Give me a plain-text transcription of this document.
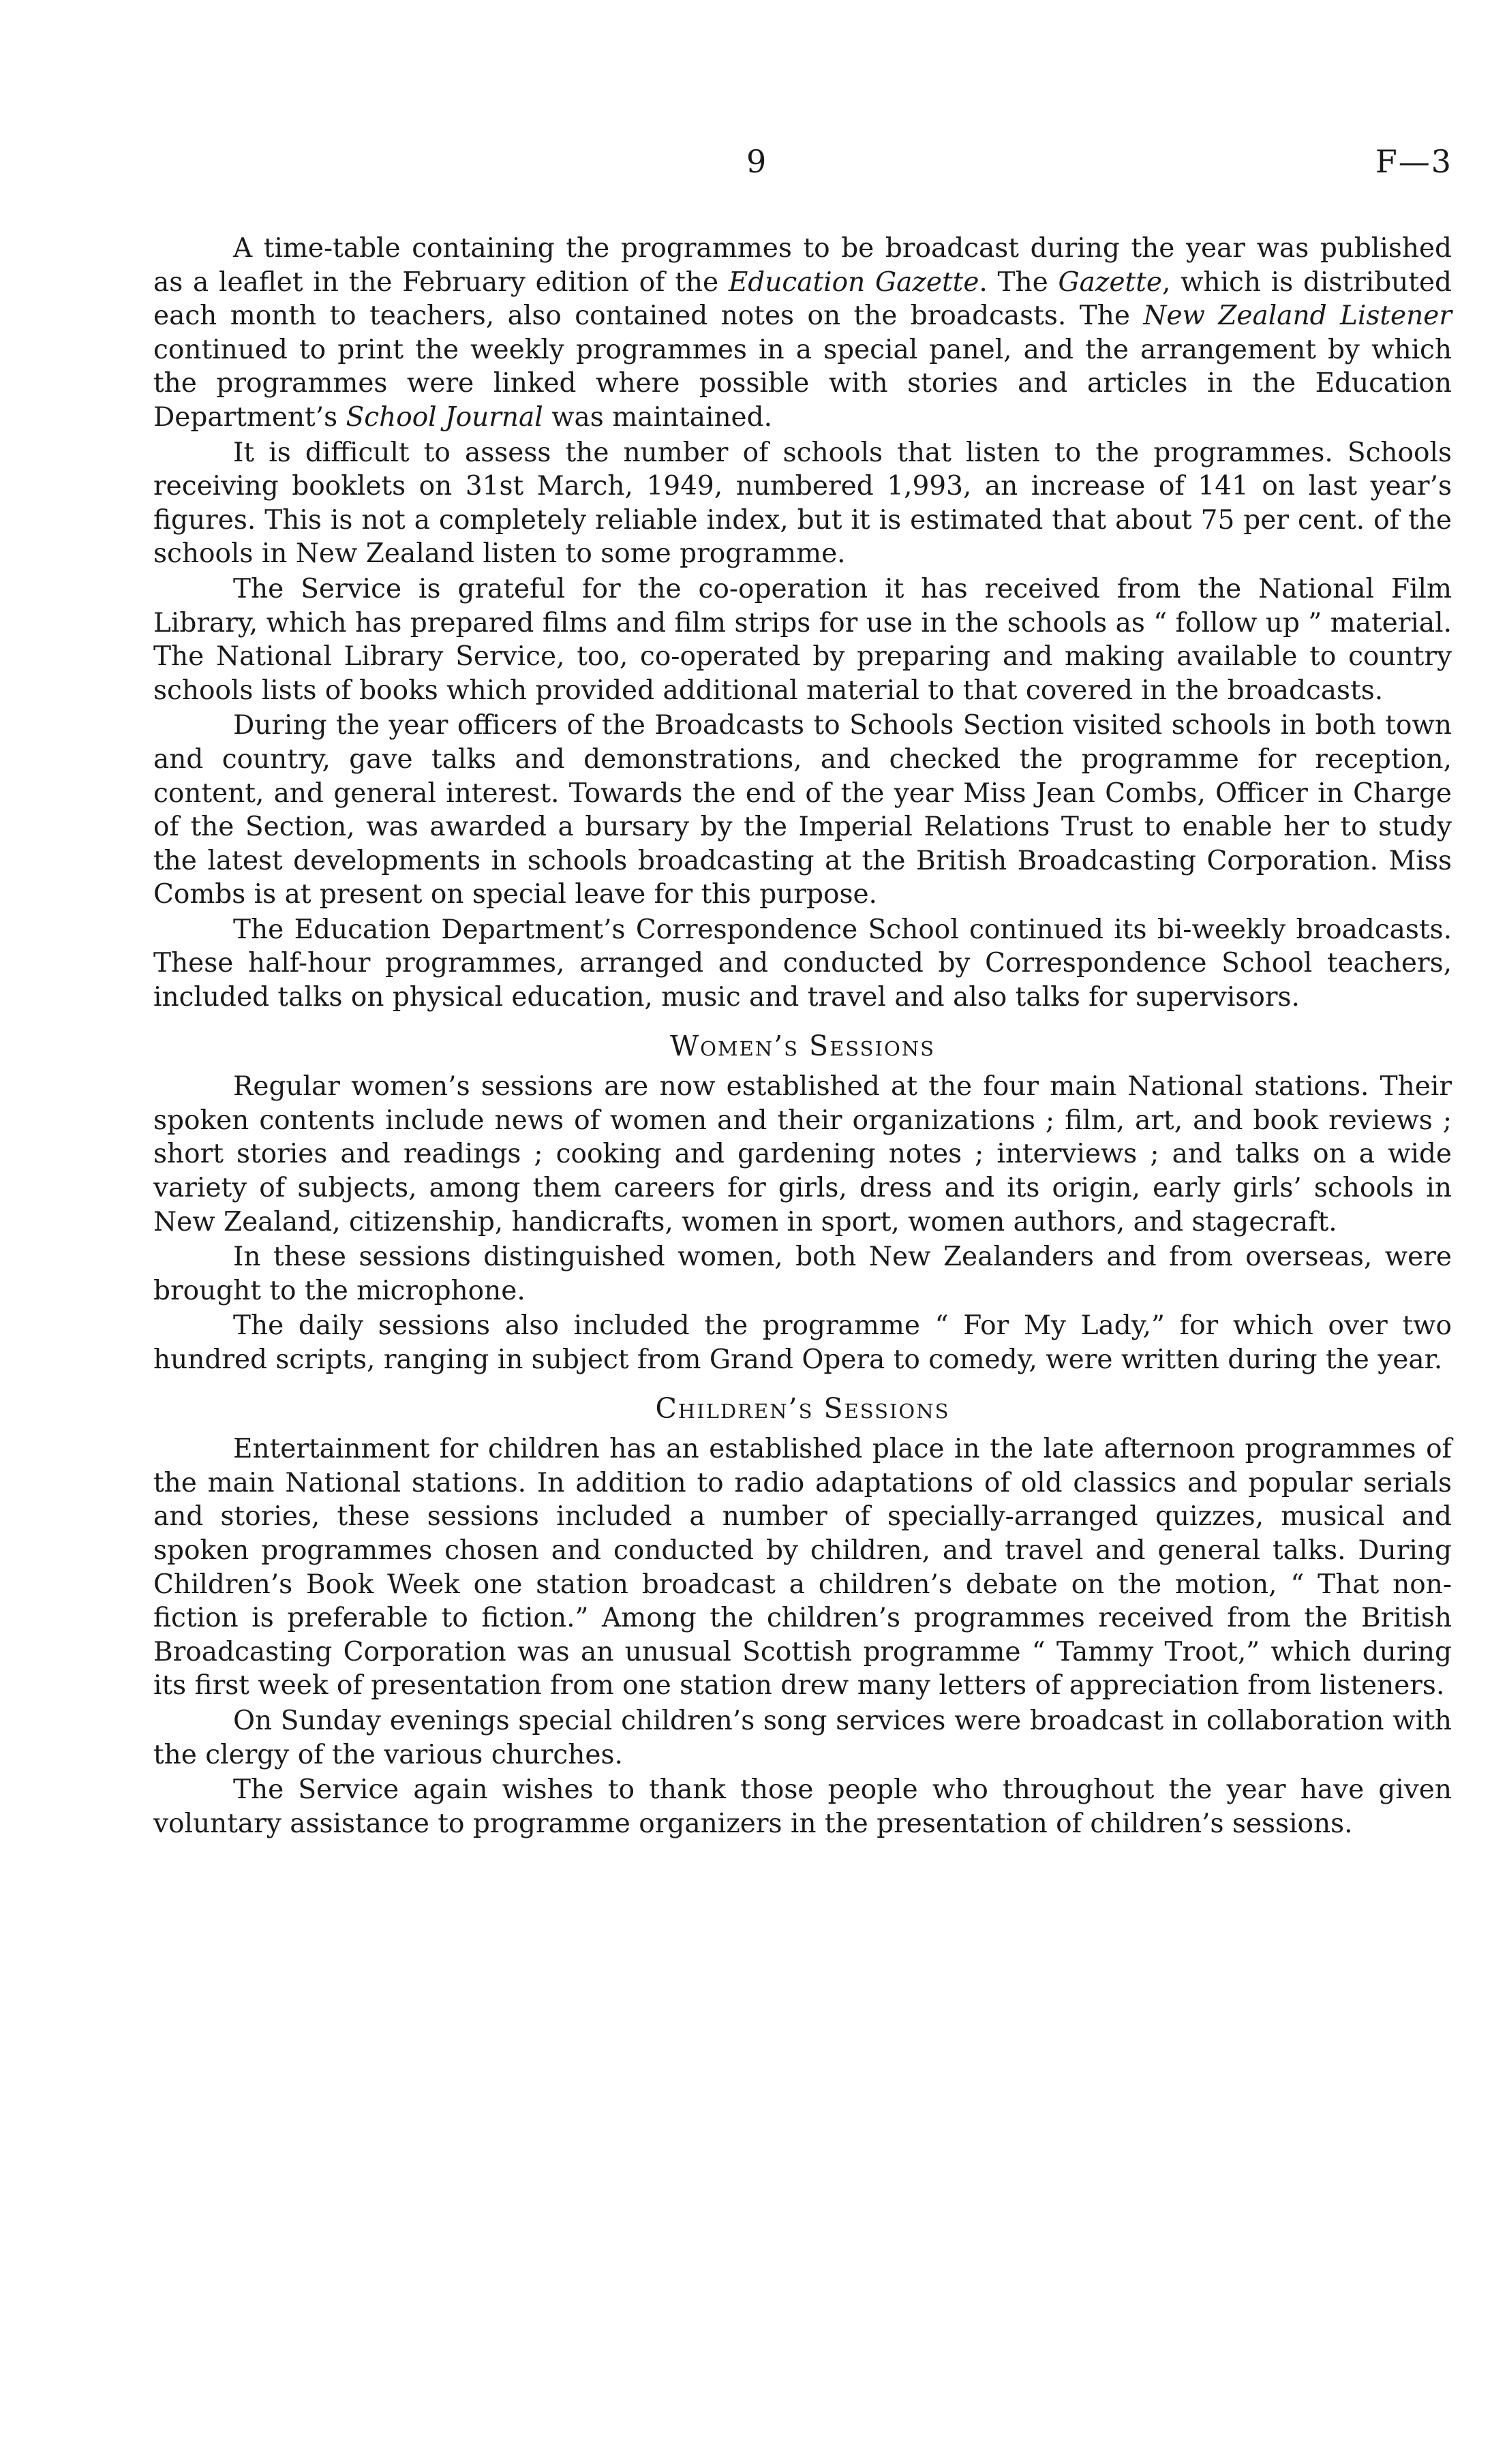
9	F—3

A time-table containing the programmes to be broadcast during the year was published as a leaflet in the February edition of the Education Gazette. The Gazette, which is distributed each month to teachers, also contained notes on the broadcasts. The New Zealand Listener continued to print the weekly programmes in a special panel, and the arrangement by which the programmes were linked where possible with stories and articles in the Education Department’s School Journal was maintained.

It is difficult to assess the number of schools that listen to the programmes. Schools receiving booklets on 31st March, 1949, numbered 1,993, an increase of 141 on last year’s figures. This is not a completely reliable index, but it is estimated that about 75 per cent. of the schools in New Zealand listen to some programme.

The Service is grateful for the co-operation it has received from the National Film Library, which has prepared films and film strips for use in the schools as “ follow up ” material. The National Library Service, too, co-operated by preparing and making available to country schools lists of books which provided additional material to that covered in the broadcasts.

During the year officers of the Broadcasts to Schools Section visited schools in both town and country, gave talks and demonstrations, and checked the programme for reception, content, and general interest. Towards the end of the year Miss Jean Combs, Officer in Charge of the Section, was awarded a bursary by the Imperial Relations Trust to enable her to study the latest developments in schools broadcasting at the British Broadcasting Corporation. Miss Combs is at present on special leave for this purpose.

The Education Department’s Correspondence School continued its bi-weekly broadcasts. These half-hour programmes, arranged and conducted by Correspondence School teachers, included talks on physical education, music and travel and also talks for supervisors.

Women’s Sessions

Regular women’s sessions are now established at the four main National stations. Their spoken contents include news of women and their organizations ; film, art, and book reviews ; short stories and readings ; cooking and gardening notes ; interviews ; and talks on a wide variety of subjects, among them careers for girls, dress and its origin, early girls’ schools in New Zealand, citizenship, handicrafts, women in sport, women authors, and stagecraft.

In these sessions distinguished women, both New Zealanders and from overseas, were brought to the microphone.

The daily sessions also included the programme “ For My Lady,” for which over two hundred scripts, ranging in subject from Grand Opera to comedy, were written during the year.

Children’s Sessions

Entertainment for children has an established place in the late afternoon programmes of the main National stations. In addition to radio adaptations of old classics and popular serials and stories, these sessions included a number of specially-arranged quizzes, musical and spoken programmes chosen and conducted by children, and travel and general talks. During Children’s Book Week one station broadcast a children’s debate on the motion, “ That non-fiction is preferable to fiction.” Among the children’s programmes received from the British Broadcasting Corporation was an unusual Scottish programme “ Tammy Troot,” which during its first week of presentation from one station drew many letters of appreciation from listeners.

On Sunday evenings special children’s song services were broadcast in collaboration with the clergy of the various churches.

The Service again wishes to thank those people who throughout the year have given voluntary assistance to programme organizers in the presentation of children’s sessions.
